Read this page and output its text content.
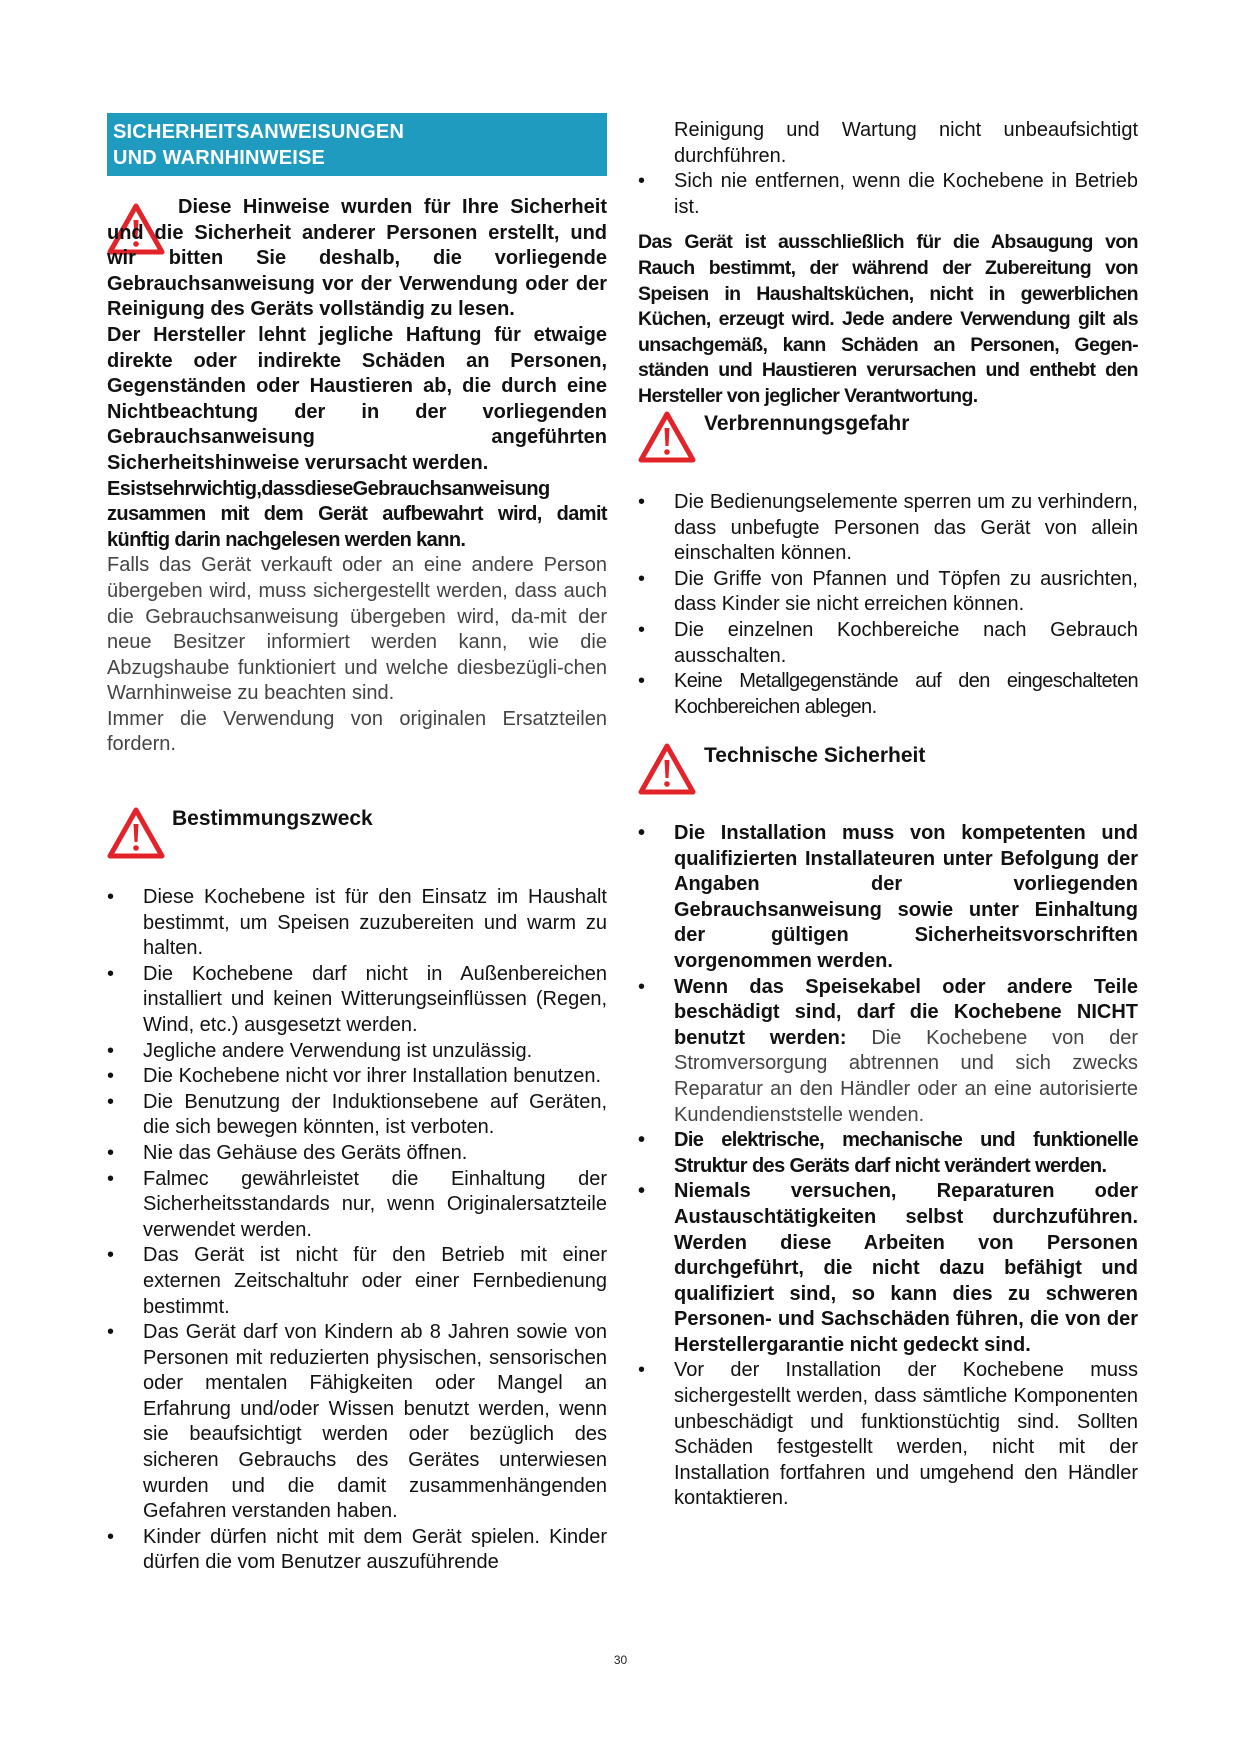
SICHERHEITSANWEISUNGEN
UND WARNHINWEISE

Diese Hinweise wurden für Ihre Sicherheit und die Sicherheit anderer Personen erstellt, und wir bitten Sie deshalb, die vorliegende Gebrauchsanweisung vor der Verwendung oder der Reinigung des Geräts vollständig zu lesen.

Der Hersteller lehnt jegliche Haftung für etwaige direkte oder indirekte Schäden an Personen, Gegenständen oder Haustieren ab, die durch eine Nichtbeachtung der in der vorliegenden Gebrauchsanweisung angeführten Sicherheitshinweise verursacht werden.

Esistsehrwichtig,dassdieseGebrauchsanweisung zusammen mit dem Gerät aufbewahrt wird, damit künftig darin nachgelesen werden kann.

Falls das Gerät verkauft oder an eine andere Person übergeben wird, muss sichergestellt werden, dass auch die Gebrauchsanweisung übergeben wird, da-mit der neue Besitzer informiert werden kann, wie die Abzugshaube funktioniert und welche diesbezügli-chen Warnhinweise zu beachten sind.

Immer die Verwendung von originalen Ersatzteilen fordern.

Bestimmungszweck
•	Diese Kochebene ist für den Einsatz im Haushalt bestimmt, um Speisen zuzubereiten und warm zu halten.
•	Die Kochebene darf nicht in Außenbereichen installiert und keinen Witterungseinflüssen (Regen, Wind, etc.) ausgesetzt werden.
•	Jegliche andere Verwendung ist unzulässig.
•	Die Kochebene nicht vor ihrer Installation benutzen.
•	Die Benutzung der Induktionsebene auf Geräten, die sich bewegen könnten, ist verboten.
•	Nie das Gehäuse des Geräts öffnen.
•	Falmec gewährleistet die Einhaltung der Sicherheitsstandards nur, wenn Originalersatzteile verwendet werden.
•	Das Gerät ist nicht für den Betrieb mit einer externen Zeitschaltuhr oder einer Fernbedienung bestimmt.
•	Das Gerät darf von Kindern ab 8 Jahren sowie von Personen mit reduzierten physischen, sensorischen oder mentalen Fähigkeiten oder Mangel an Erfahrung und/oder Wissen benutzt werden, wenn sie beaufsichtigt werden oder bezüglich des sicheren Gebrauchs des Gerätes unterwiesen wurden und die damit zusammenhängenden Gefahren verstanden haben.
•	Kinder dürfen nicht mit dem Gerät spielen. Kinder dürfen die vom Benutzer auszuführende

Reinigung und Wartung nicht unbeaufsichtigt durchführen.

•	Sich nie entfernen, wenn die Kochebene in Betrieb ist.

Das Gerät ist ausschließlich für die Absaugung von Rauch bestimmt, der während der Zubereitung von Speisen in Haushaltsküchen, nicht in gewerblichen Küchen, erzeugt wird. Jede andere Verwendung gilt als unsachgemäß, kann Schäden an Personen, Gegen-ständen und Haustieren verursachen und enthebt den Hersteller von jeglicher Verantwortung.

Verbrennungsgefahr
•	Die Bedienungselemente sperren um zu verhindern, dass unbefugte Personen das Gerät von allein einschalten können.
•	Die Griffe von Pfannen und Töpfen zu ausrichten, dass Kinder sie nicht erreichen können.
•	Die einzelnen Kochbereiche nach Gebrauch ausschalten.
•	Keine Metallgegenstände auf den eingeschalteten Kochbereichen ablegen.
Technische Sicherheit
•	Die Installation muss von kompetenten und qualifizierten Installateuren unter Befolgung der Angaben der vorliegenden Gebrauchsanweisung sowie unter Einhaltung der gültigen Sicherheitsvorschriften vorgenommen werden.
•	Wenn das Speisekabel oder andere Teile beschädigt sind, darf die Kochebene NICHT benutzt werden: Die Kochebene von der Stromversorgung abtrennen und sich zwecks Reparatur an den Händler oder an eine autorisierte Kundendienststelle wenden.
•	Die elektrische, mechanische und funktionelle Struktur des Geräts darf nicht verändert werden.
•	Niemals versuchen, Reparaturen oder Austauschtätigkeiten selbst durchzuführen. Werden diese Arbeiten von Personen durchgeführt, die nicht dazu befähigt und qualifiziert sind, so kann dies zu schweren Personen- und Sachschäden führen, die von der Herstellergarantie nicht gedeckt sind.
•	Vor der Installation der Kochebene muss sichergestellt werden, dass sämtliche Komponenten unbeschädigt und funktionstüchtig sind. Sollten Schäden festgestellt werden, nicht mit der Installation fortfahren und umgehend den Händler kontaktieren.
30
